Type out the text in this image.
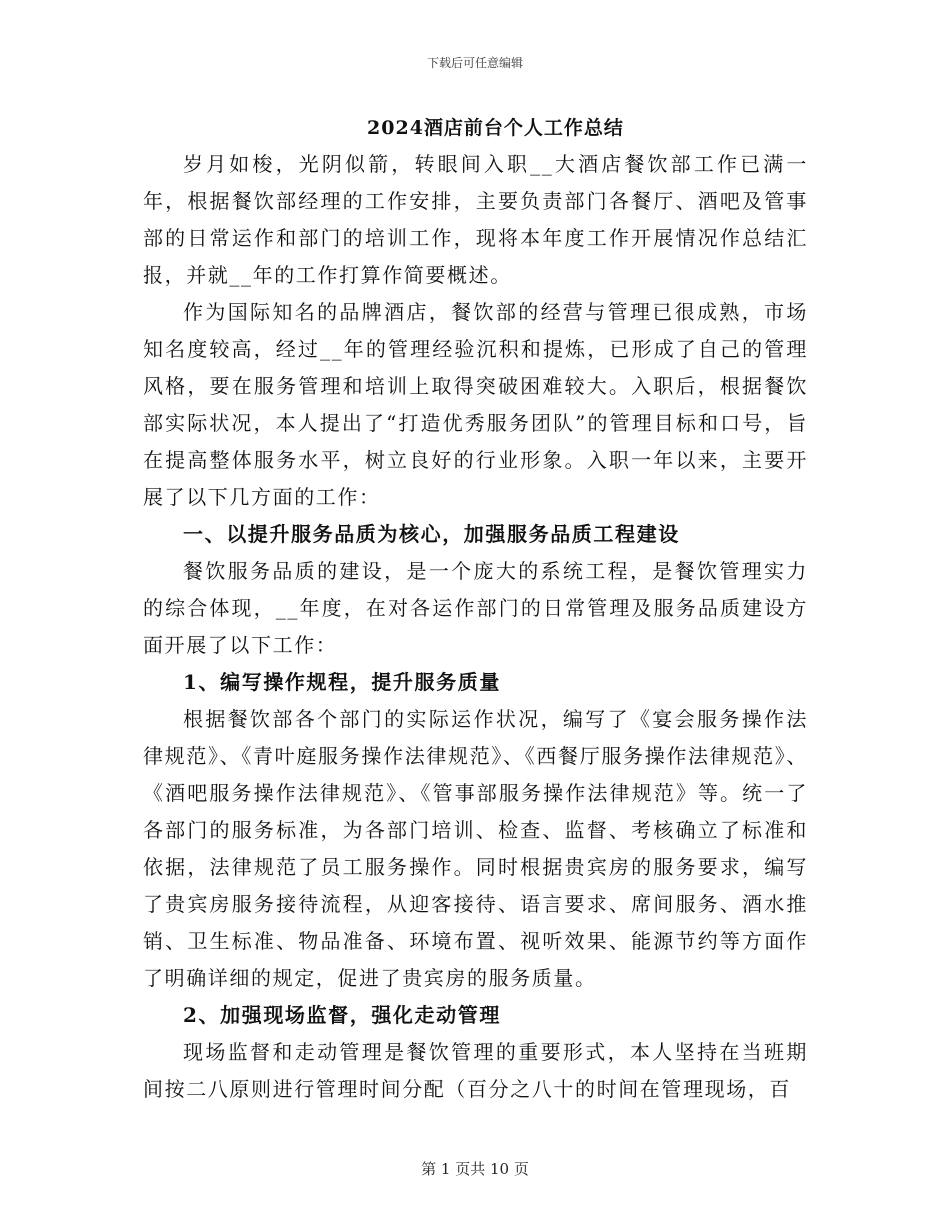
下载后可任意编辑
2024酒店前台个人工作总结

岁月如梭，光阴似箭，转眼间入职__大酒店餐饮部工作已满一年，根据餐饮部经理的工作安排，主要负责部门各餐厅、酒吧及管事部的日常运作和部门的培训工作，现将本年度工作开展情况作总结汇报，并就__年的工作打算作简要概述。

作为国际知名的品牌酒店，餐饮部的经营与管理已很成熟，市场知名度较高，经过__年的管理经验沉积和提炼，已形成了自己的管理风格，要在服务管理和培训上取得突破困难较大。入职后，根据餐饮部实际状况，本人提出了“打造优秀服务团队”的管理目标和口号，旨在提高整体服务水平，树立良好的行业形象。入职一年以来，主要开展了以下几方面的工作：

一、以提升服务品质为核心，加强服务品质工程建设

餐饮服务品质的建设，是一个庞大的系统工程，是餐饮管理实力的综合体现，__年度，在对各运作部门的日常管理及服务品质建设方面开展了以下工作：

1、编写操作规程，提升服务质量

根据餐饮部各个部门的实际运作状况，编写了《宴会服务操作法律规范》、《青叶庭服务操作法律规范》、《西餐厅服务操作法律规范》、《酒吧服务操作法律规范》、《管事部服务操作法律规范》等。统一了各部门的服务标准，为各部门培训、检查、监督、考核确立了标准和依据，法律规范了员工服务操作。同时根据贵宾房的服务要求，编写了贵宾房服务接待流程，从迎客接待、语言要求、席间服务、酒水推销、卫生标准、物品准备、环境布置、视听效果、能源节约等方面作了明确详细的规定，促进了贵宾房的服务质量。

2、加强现场监督，强化走动管理

现场监督和走动管理是餐饮管理的重要形式，本人坚持在当班期间按二八原则进行管理时间分配（百分之八十的时间在管理现场，百

第 1 页共 10 页
